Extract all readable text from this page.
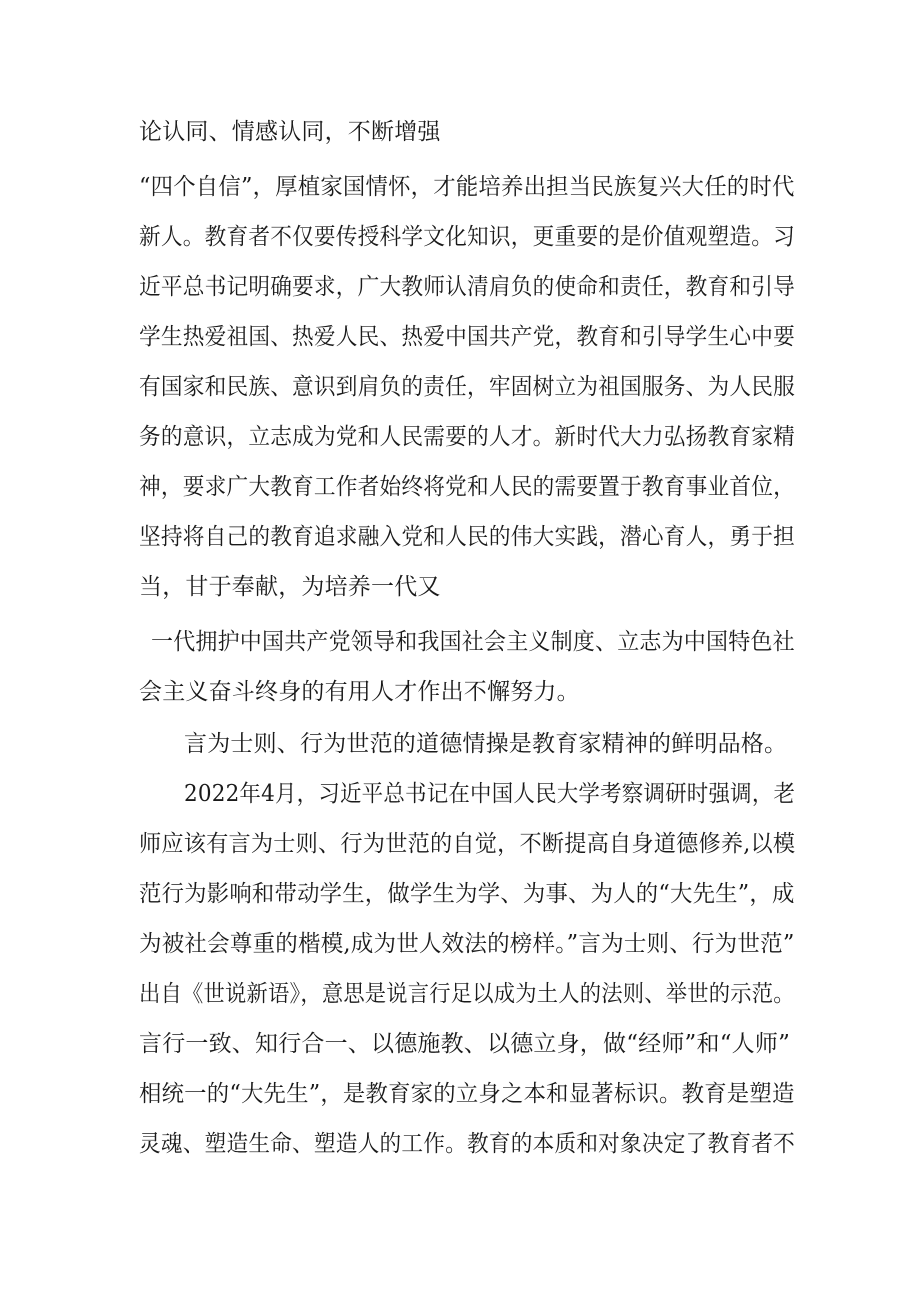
论认同、情感认同，不断增强
“四个自信”，厚植家国情怀，才能培养出担当民族复兴大任的时代
新人。教育者不仅要传授科学文化知识，更重要的是价值观塑造。习
近平总书记明确要求，广大教师认清肩负的使命和责任，教育和引导
学生热爱祖国、热爱人民、热爱中国共产党，教育和引导学生心中要
有国家和民族、意识到肩负的责任，牢固树立为祖国服务、为人民服
务的意识，立志成为党和人民需要的人才。新时代大力弘扬教育家精
神，要求广大教育工作者始终将党和人民的需要置于教育事业首位，
坚持将自己的教育追求融入党和人民的伟大实践，潜心育人，勇于担
当，甘于奉献，为培养一代又
一代拥护中国共产党领导和我国社会主义制度、立志为中国特色社
会主义奋斗终身的有用人才作出不懈努力。
言为士则、行为世范的道德情操是教育家精神的鲜明品格。
2022年4月，习近平总书记在中国人民大学考察调研时强调，老
师应该有言为士则、行为世范的自觉，不断提高自身道德修养,以模
范行为影响和带动学生，做学生为学、为事、为人的“大先生”，成
为被社会尊重的楷模,成为世人效法的榜样。”言为士则、行为世范”
出自《世说新语》，意思是说言行足以成为土人的法则、举世的示范。
言行一致、知行合一、以德施教、以德立身，做“经师”和“人师”
相统一的“大先生”，是教育家的立身之本和显著标识。教育是塑造
灵魂、塑造生命、塑造人的工作。教育的本质和对象决定了教育者不
